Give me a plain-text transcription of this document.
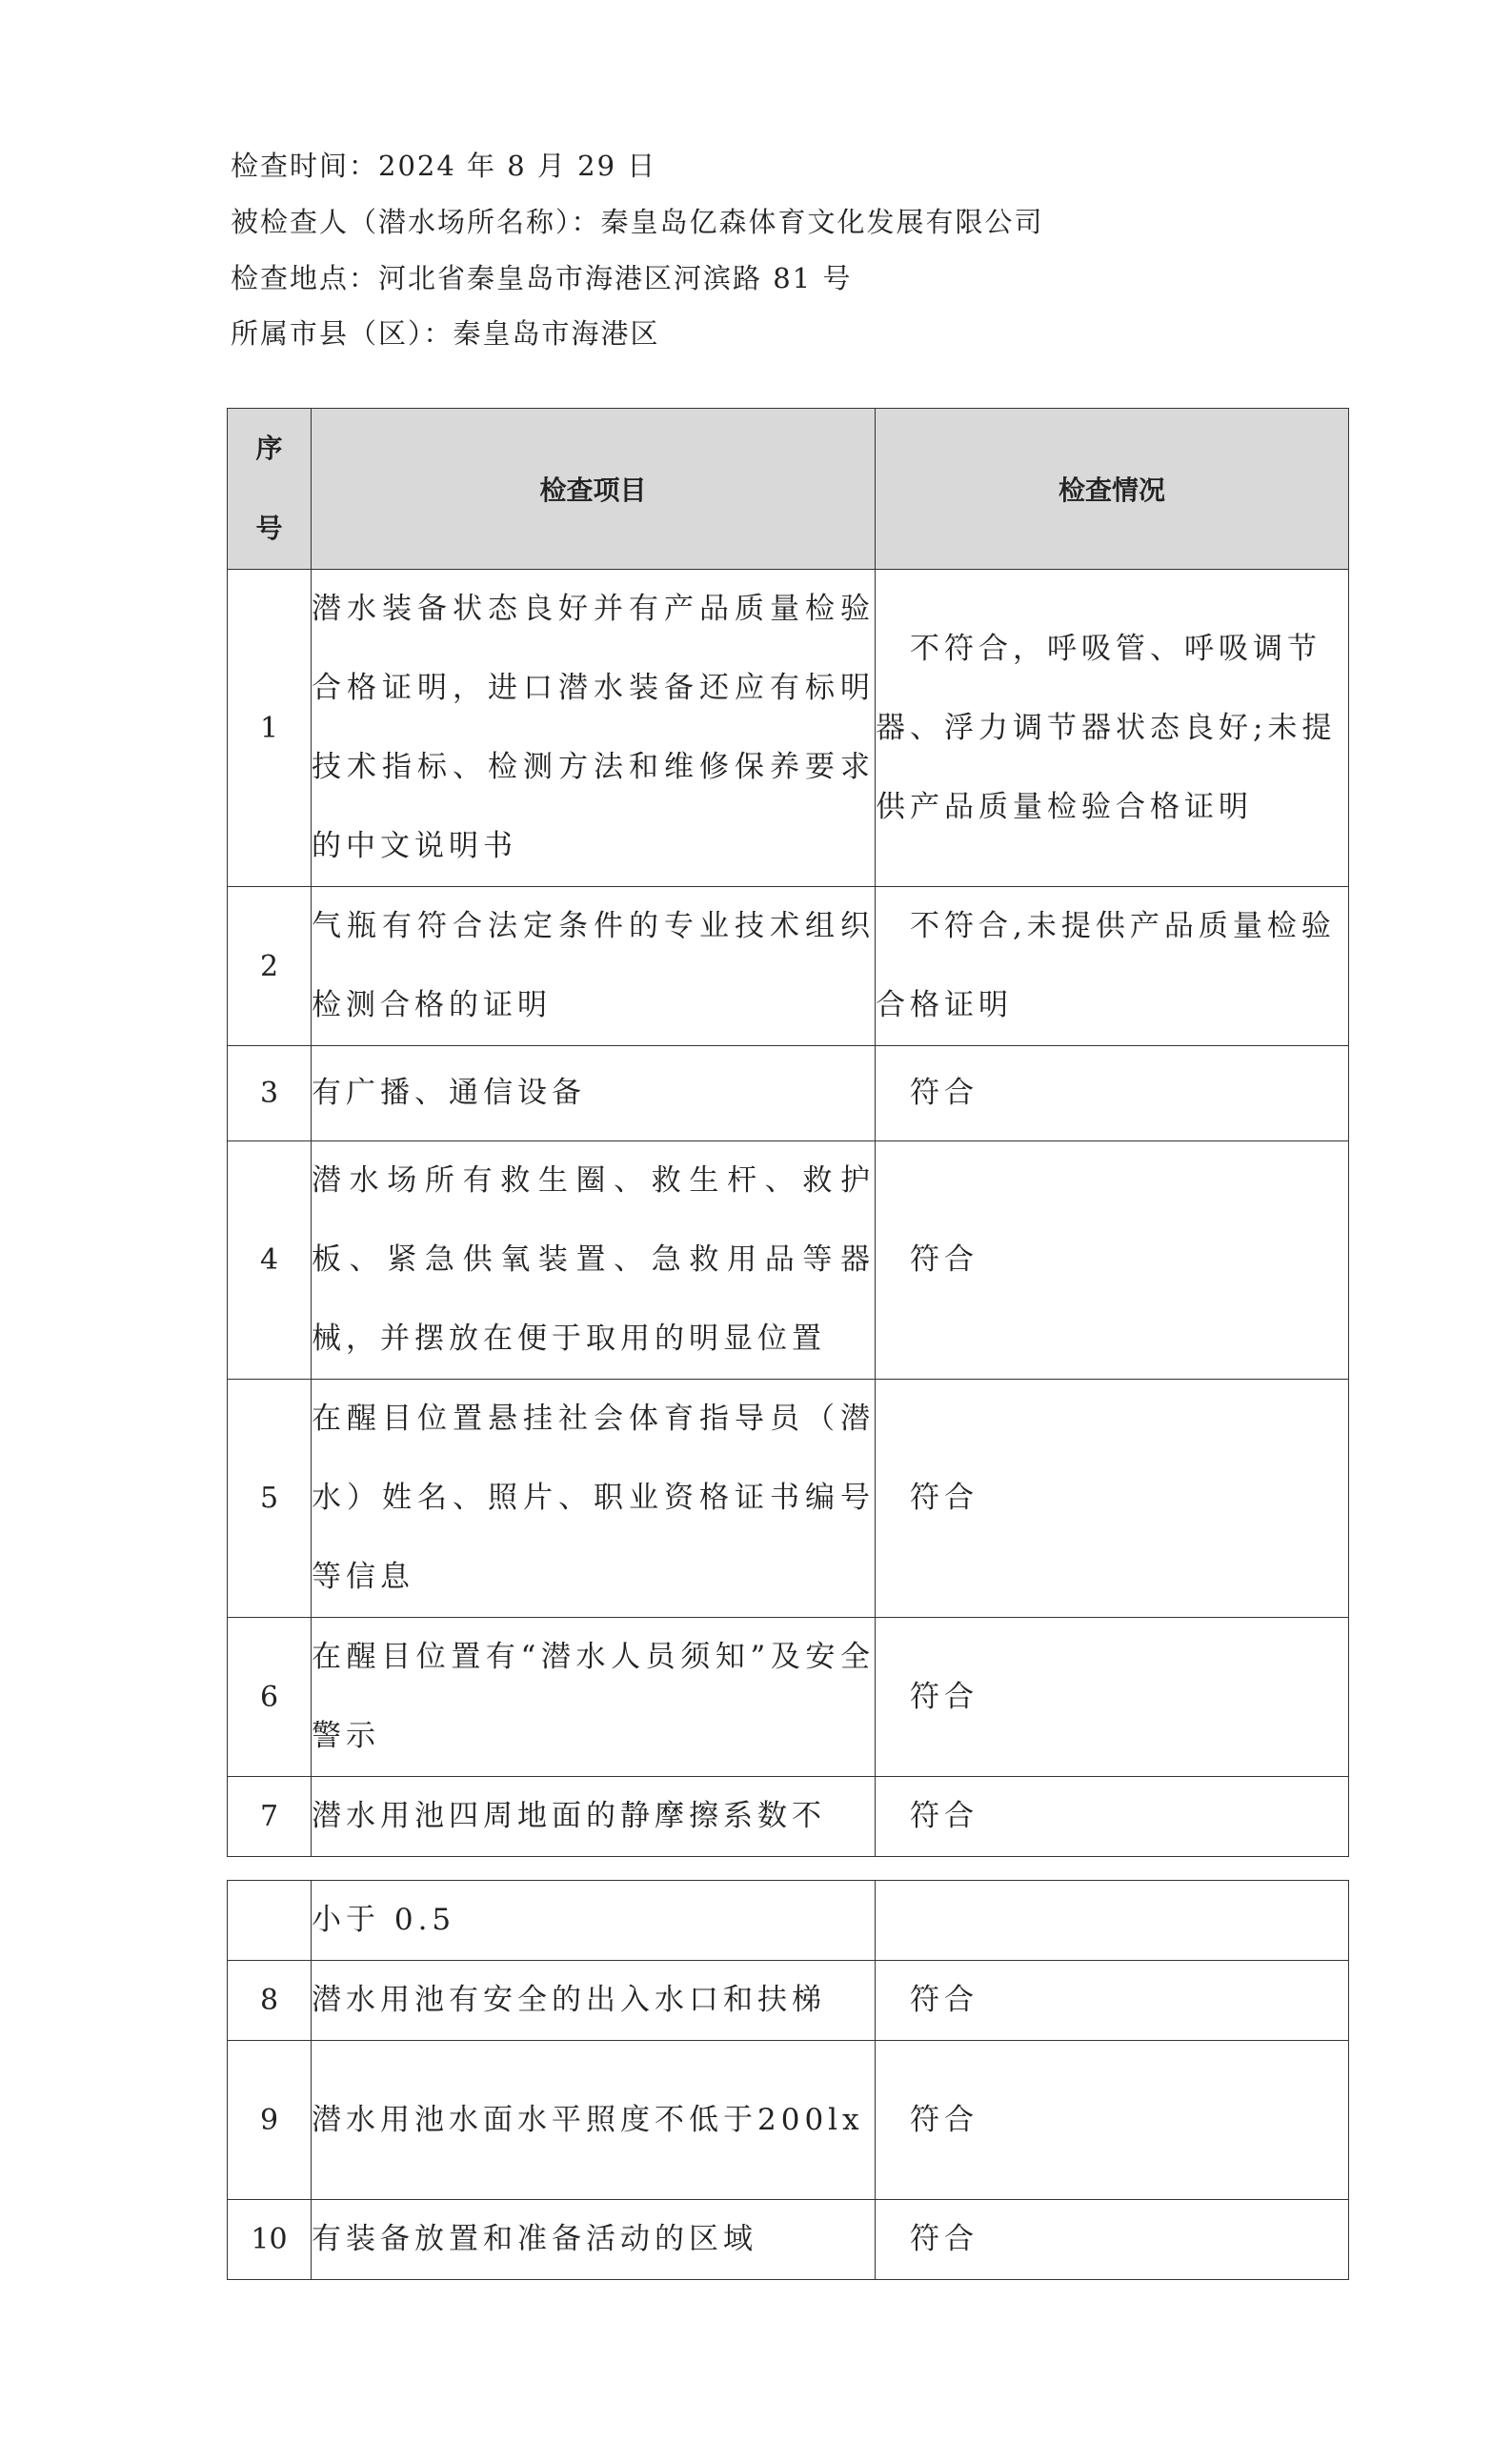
检查时间：2024 年 8 月 29 日
被检查人（潜水场所名称）：秦皇岛亿森体育文化发展有限公司
检查地点：河北省秦皇岛市海港区河滨路 81 号
所属市县（区）：秦皇岛市海港区
序
号	检查项目	检查情况
1	潜水装备状态良好并有产品质量检验合格证明，进口潜水装备还应有标明技术指标、检测方法和维修保养要求的中文说明书	不符合，呼吸管、呼吸调节器、浮力调节器状态良好;未提供产品质量检验合格证明
2	气瓶有符合法定条件的专业技术组织检测合格的证明	不符合,未提供产品质量检验合格证明
3	有广播、通信设备	符合
4	潜水场所有救生圈、救生杆、救护板、紧急供氧装置、急救用品等器械，并摆放在便于取用的明显位置	符合
5	在醒目位置悬挂社会体育指导员（潜水）姓名、照片、职业资格证书编号等信息	符合
6	在醒目位置有“潜水人员须知”及安全警示	符合
7	潜水用池四周地面的静摩擦系数不	符合
	小于 0.5	
8	潜水用池有安全的出入水口和扶梯	符合
9	潜水用池水面水平照度不低于200lx	符合
10	有装备放置和准备活动的区域	符合
